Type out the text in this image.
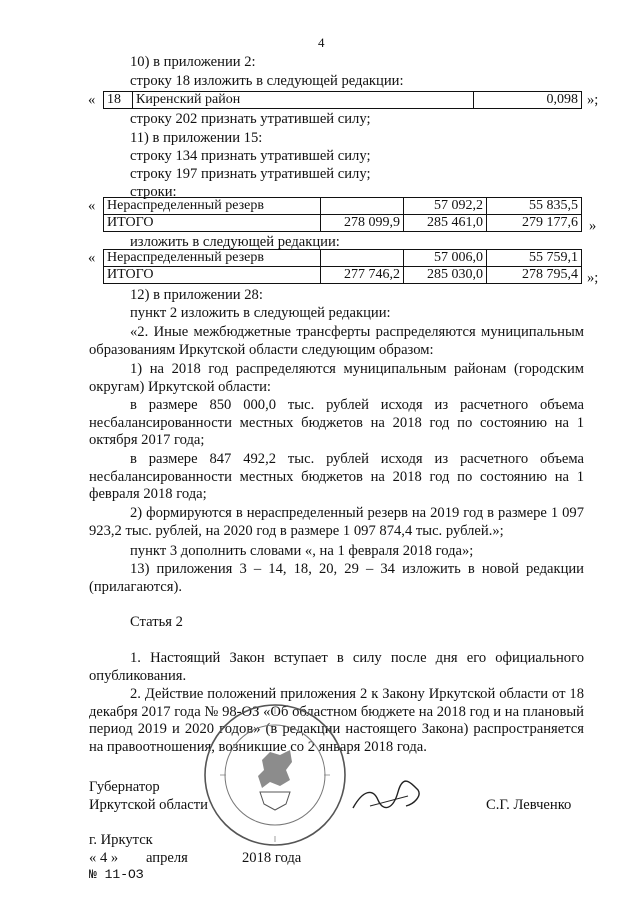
4
10) в приложении 2:
строку 18 изложить в следующей редакции:
« 18	Киренский район	0,098 »;
строку 202 признать утратившей силу;
11) в приложении 15:
строку 134 признать утратившей силу;
строку 197 признать утратившей силу;
строки:
« Нераспределенный резерв		57 092,2	55 835,5
ИТОГО	278 099,9	285 461,0	279 177,6 »
изложить в следующей редакции:
« Нераспределенный резерв		57 006,0	55 759,1
ИТОГО	277 746,2	285 030,0	278 795,4 »;
12) в приложении 28:
пункт 2 изложить в следующей редакции:
«2. Иные межбюджетные трансферты распределяются муниципальным образованиям Иркутской области следующим образом:
1) на 2018 год распределяются муниципальным районам (городским округам) Иркутской области:
в размере 850 000,0 тыс. рублей исходя из расчетного объема несбалансированности местных бюджетов на 2018 год по состоянию на 1 октября 2017 года;
в размере 847 492,2 тыс. рублей исходя из расчетного объема несбалансированности местных бюджетов на 2018 год по состоянию на 1 февраля 2018 года;
2) формируются в нераспределенный резерв на 2019 год в размере 1 097 923,2 тыс. рублей, на 2020 год в размере 1 097 874,4 тыс. рублей.»;
пункт 3 дополнить словами «, на 1 февраля 2018 года»;
13) приложения 3 – 14, 18, 20, 29 – 34 изложить в новой редакции (прилагаются).
Статья 2
1. Настоящий Закон вступает в силу после дня его официального опубликования.
2. Действие положений приложения 2 к Закону Иркутской области от 18 декабря 2017 года № 98-ОЗ «Об областном бюджете на 2018 год и на плановый период 2019 и 2020 годов» (в редакции настоящего Закона) распространяется на правоотношения, возникшие со 2 января 2018 года.
Губернатор
Иркутской области	С.Г. Левченко
г. Иркутск
« 4 » апреля	2018 года
№ 11-ОЗ
